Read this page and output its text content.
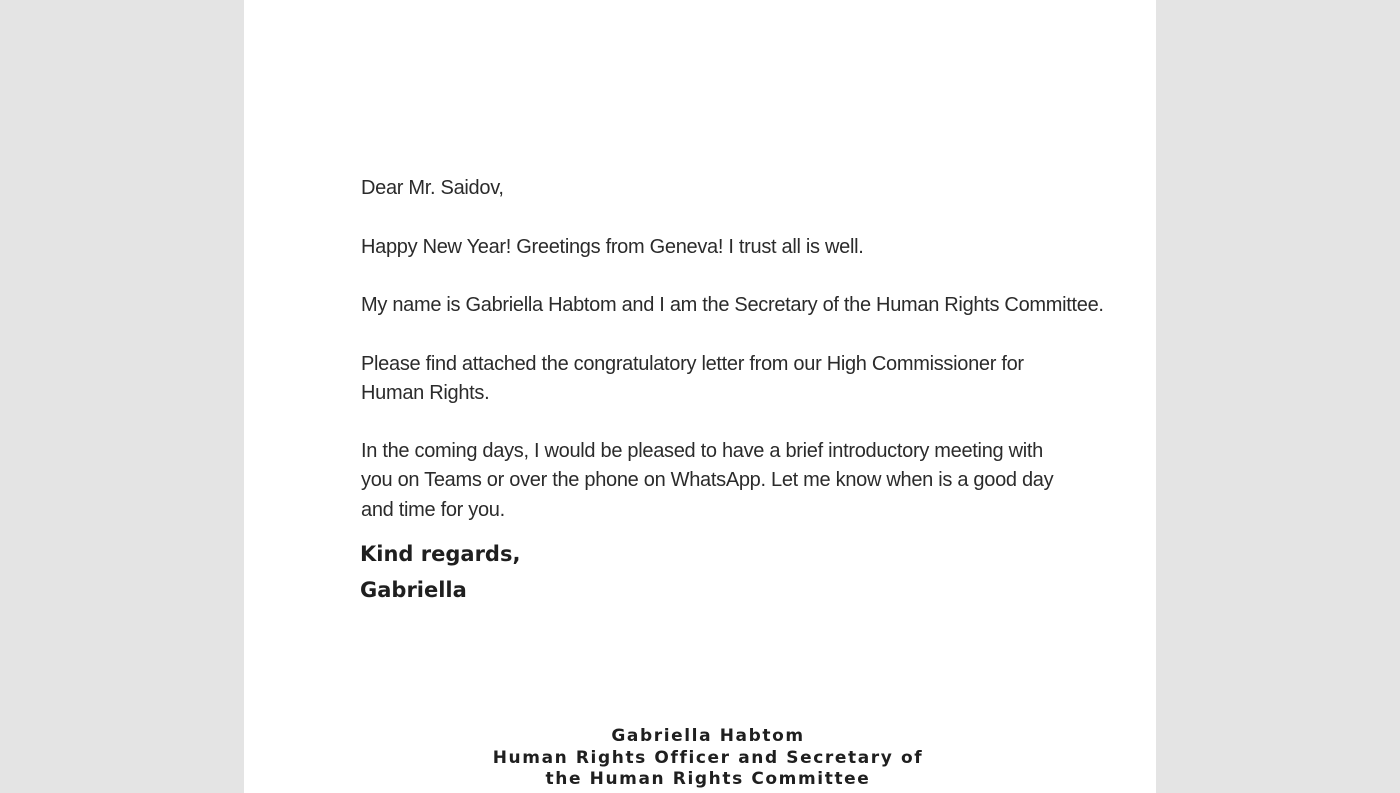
Dear Mr. Saidov,

Happy New Year! Greetings from Geneva! I trust all is well.

My name is Gabriella Habtom and I am the Secretary of the Human Rights Committee.

Please find attached the congratulatory letter from our High Commissioner for
Human Rights.
In the coming days, I would be pleased to have a brief introductory meeting with
you on Teams or over the phone on WhatsApp. Let me know when is a good day
and time for you.

Kind regards,

Gabriella

Gabriella Habtom
Human Rights Officer and Secretary of
the Human Rights Committee
